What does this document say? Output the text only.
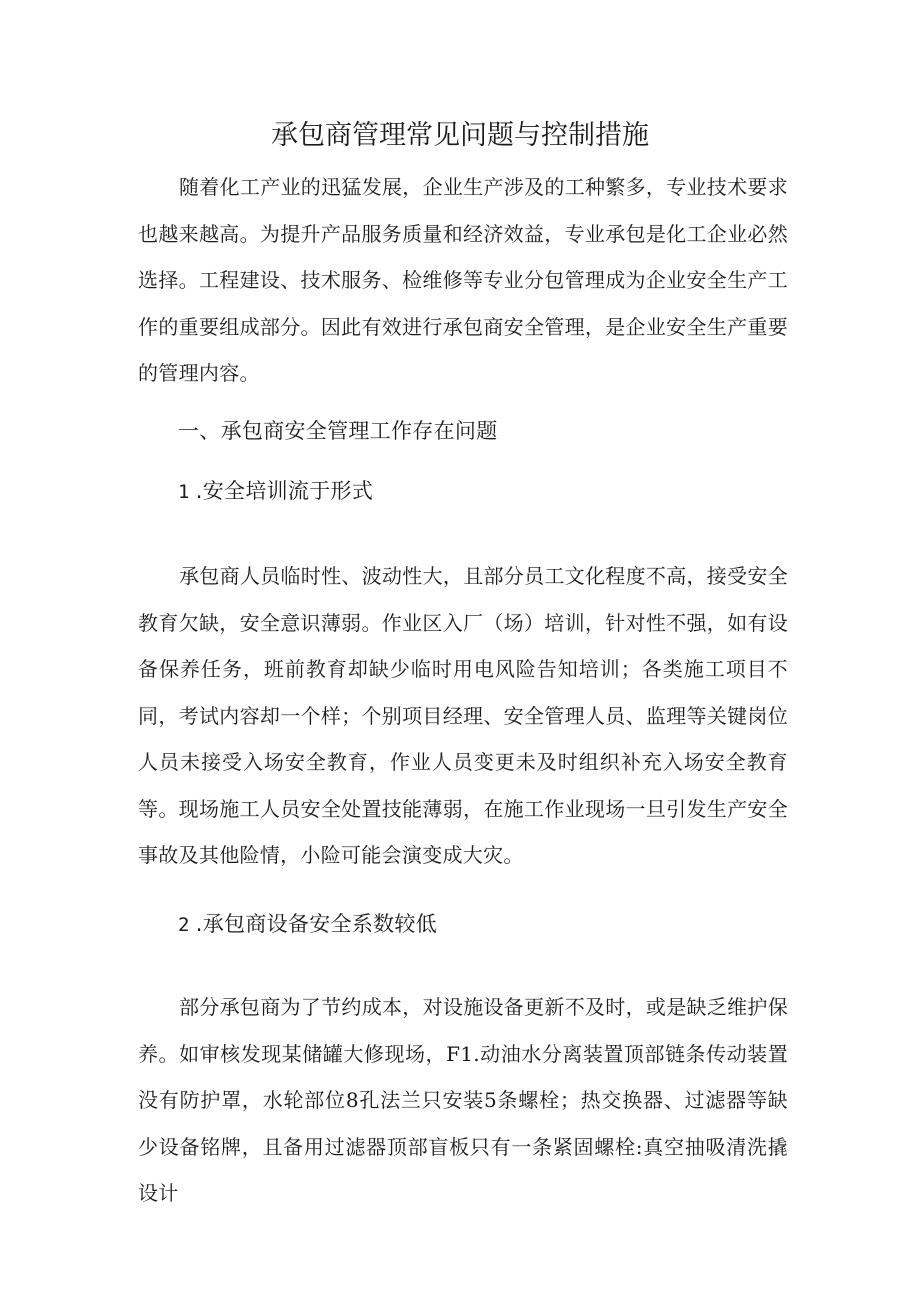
承包商管理常见问题与控制措施

随着化工产业的迅猛发展，企业生产涉及的工种繁多，专业技术要求也越来越高。为提升产品服务质量和经济效益，专业承包是化工企业必然选择。工程建设、技术服务、检维修等专业分包管理成为企业安全生产工作的重要组成部分。因此有效进行承包商安全管理，是企业安全生产重要的管理内容。

一、承包商安全管理工作存在问题
1 .安全培训流于形式

承包商人员临时性、波动性大，且部分员工文化程度不高，接受安全教育欠缺，安全意识薄弱。作业区入厂（场）培训，针对性不强，如有设备保养任务，班前教育却缺少临时用电风险告知培训；各类施工项目不同，考试内容却一个样；个别项目经理、安全管理人员、监理等关键岗位人员未接受入场安全教育，作业人员变更未及时组织补充入场安全教育等。现场施工人员安全处置技能薄弱，在施工作业现场一旦引发生产安全事故及其他险情，小险可能会演变成大灾。

2 .承包商设备安全系数较低

部分承包商为了节约成本，对设施设备更新不及时，或是缺乏维护保养。如审核发现某储罐大修现场，F1.动油水分离装置顶部链条传动装置没有防护罩，水轮部位8孔法兰只安装5条螺栓；热交换器、过滤器等缺少设备铭牌，且备用过滤器顶部盲板只有一条紧固螺栓:真空抽吸清洗撬设计
